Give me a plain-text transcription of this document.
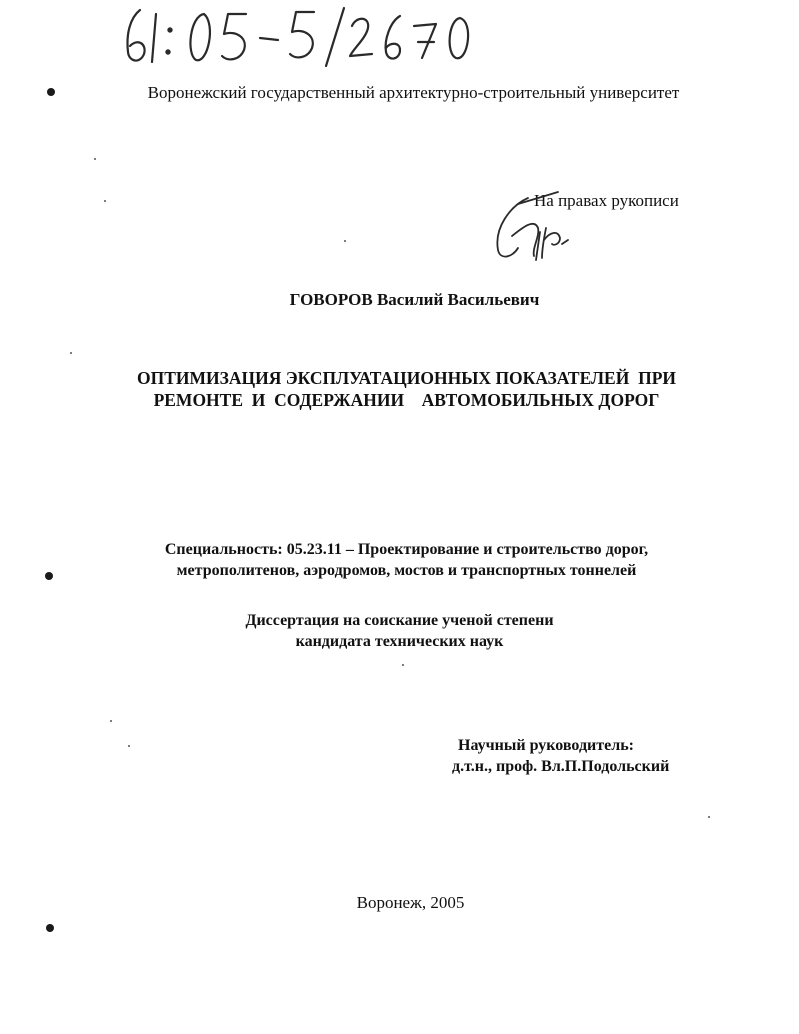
Воронежский государственный архитектурно-строительный университет
На правах рукописи
ГОВОРОВ Василий Васильевич
ОПТИМИЗАЦИЯ ЭКСПЛУАТАЦИОННЫХ ПОКАЗАТЕЛЕЙ  ПРИ
РЕМОНТЕ  И  СОДЕРЖАНИИ    АВТОМОБИЛЬНЫХ ДОРОГ
Специальность: 05.23.11 – Проектирование и строительство дорог,
метрополитенов, аэродромов, мостов и транспортных тоннелей
Диссертация на соискание ученой степени
кандидата технических наук
Научный руководитель:
д.т.н., проф. Вл.П.Подольский
Воронеж, 2005
